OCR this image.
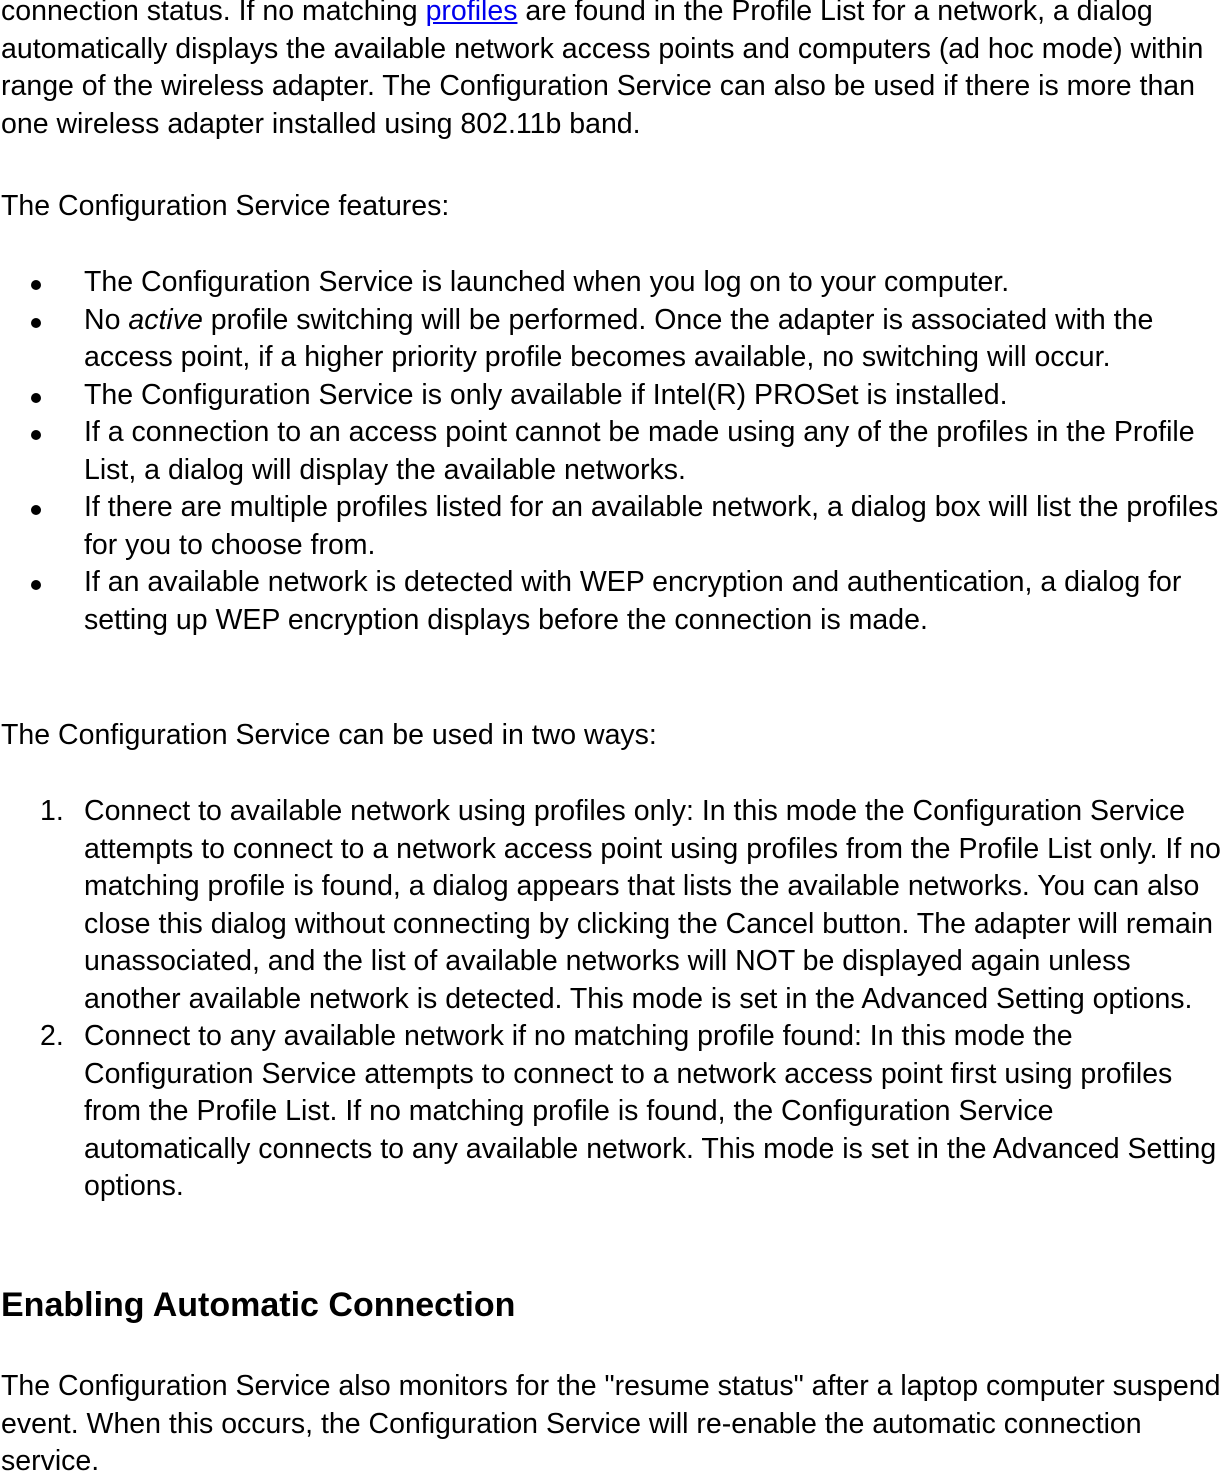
connection status. If no matching profiles are found in the Profile List for a network, a dialog automatically displays the available network access points and computers (ad hoc mode) within range of the wireless adapter. The Configuration Service can also be used if there is more than one wireless adapter installed using 802.11b band.

The Configuration Service features:

The Configuration Service is launched when you log on to your computer.
No active profile switching will be performed. Once the adapter is associated with the access point, if a higher priority profile becomes available, no switching will occur.
The Configuration Service is only available if Intel(R) PROSet is installed.
If a connection to an access point cannot be made using any of the profiles in the Profile List, a dialog will display the available networks.
If there are multiple profiles listed for an available network, a dialog box will list the profiles for you to choose from.
If an available network is detected with WEP encryption and authentication, a dialog for setting up WEP encryption displays before the connection is made.

The Configuration Service can be used in two ways:

1. Connect to available network using profiles only: In this mode the Configuration Service attempts to connect to a network access point using profiles from the Profile List only. If no matching profile is found, a dialog appears that lists the available networks. You can also close this dialog without connecting by clicking the Cancel button. The adapter will remain unassociated, and the list of available networks will NOT be displayed again unless another available network is detected. This mode is set in the Advanced Setting options.
2. Connect to any available network if no matching profile found: In this mode the Configuration Service attempts to connect to a network access point first using profiles from the Profile List. If no matching profile is found, the Configuration Service automatically connects to any available network. This mode is set in the Advanced Setting options.
Enabling Automatic Connection

The Configuration Service also monitors for the "resume status" after a laptop computer suspend event. When this occurs, the Configuration Service will re-enable the automatic connection service.
